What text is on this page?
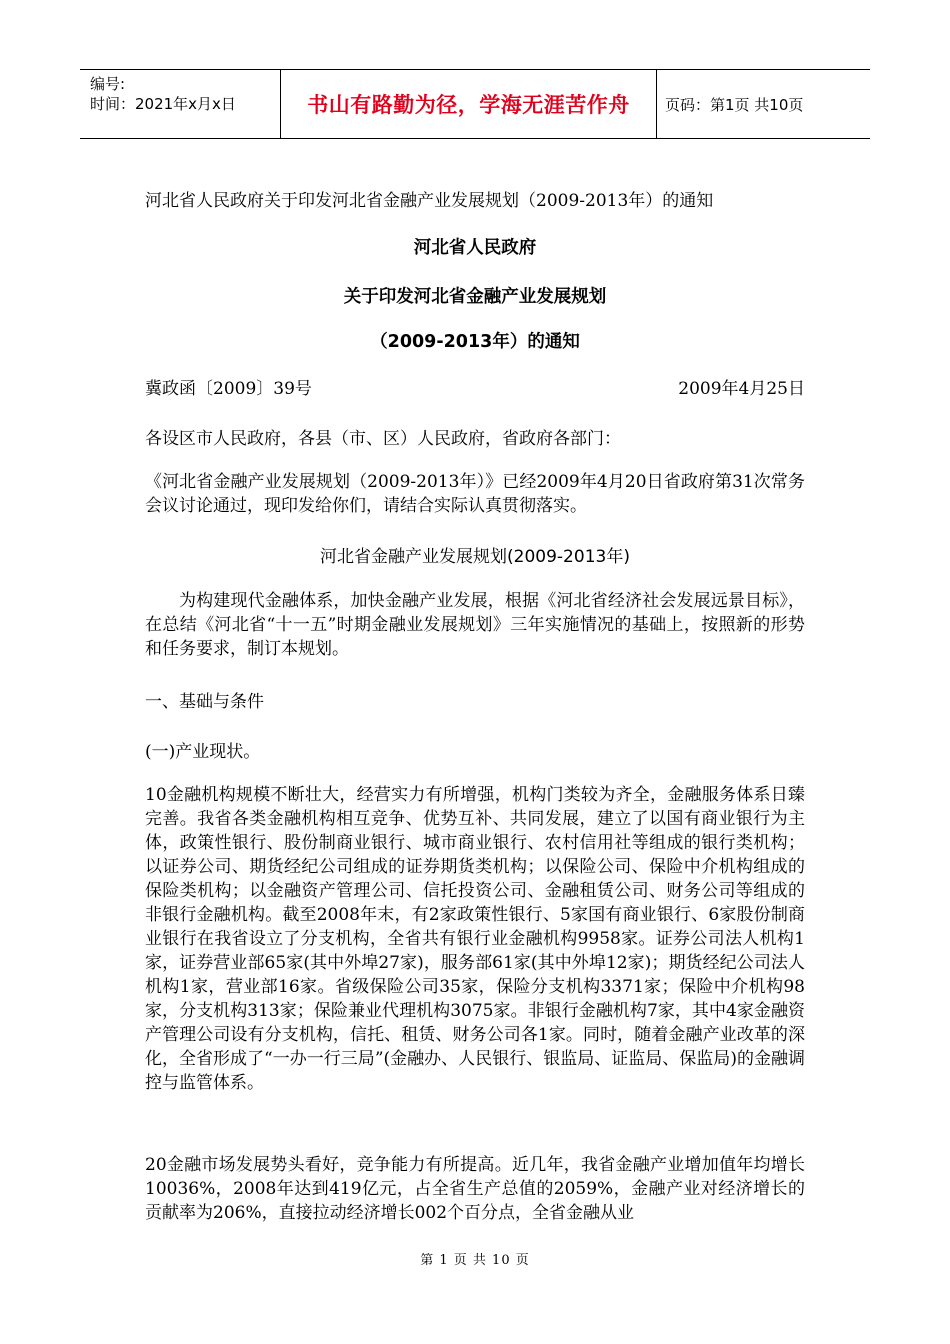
编号:
时间：2021年x月x日	书山有路勤为径，学海无涯苦作舟	页码：第1页 共10页
河北省人民政府关于印发河北省金融产业发展规划（2009-2013年）的通知
河北省人民政府
关于印发河北省金融产业发展规划
（2009-2013年）的通知
冀政函〔2009〕39号	2009年4月25日
各设区市人民政府，各县（市、区）人民政府，省政府各部门：
《河北省金融产业发展规划（2009-2013年）》已经2009年4月20日省政府第31次常务会议讨论通过，现印发给你们，请结合实际认真贯彻落实。
河北省金融产业发展规划(2009-2013年)
为构建现代金融体系，加快金融产业发展，根据《河北省经济社会发展远景目标》，在总结《河北省“十一五”时期金融业发展规划》三年实施情况的基础上，按照新的形势和任务要求，制订本规划。
一、基础与条件
(一)产业现状。
10金融机构规模不断壮大，经营实力有所增强，机构门类较为齐全，金融服务体系日臻完善。我省各类金融机构相互竞争、优势互补、共同发展，建立了以国有商业银行为主体，政策性银行、股份制商业银行、城市商业银行、农村信用社等组成的银行类机构；以证券公司、期货经纪公司组成的证券期货类机构；以保险公司、保险中介机构组成的保险类机构；以金融资产管理公司、信托投资公司、金融租赁公司、财务公司等组成的非银行金融机构。截至2008年末，有2家政策性银行、5家国有商业银行、6家股份制商业银行在我省设立了分支机构，全省共有银行业金融机构9958家。证券公司法人机构1家，证券营业部65家(其中外埠27家)，服务部61家(其中外埠12家)；期货经纪公司法人机构1家，营业部16家。省级保险公司35家，保险分支机构3371家；保险中介机构98家，分支机构313家；保险兼业代理机构3075家。非银行金融机构7家，其中4家金融资产管理公司设有分支机构，信托、租赁、财务公司各1家。同时，随着金融产业改革的深化，全省形成了“一办一行三局”(金融办、人民银行、银监局、证监局、保监局)的金融调控与监管体系。
20金融市场发展势头看好，竞争能力有所提高。近几年，我省金融产业增加值年均增长10036%，2008年达到419亿元，占全省生产总值的2059%，金融产业对经济增长的贡献率为206%，直接拉动经济增长002个百分点，全省金融从业
第 1 页 共 10 页
